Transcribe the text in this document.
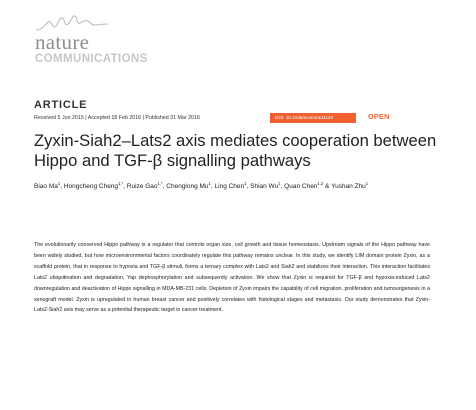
nature
COMMUNICATIONS
ARTICLE
Received 5 Jun 2015 | Accepted 18 Feb 2016 | Published 31 Mar 2016	DOI: 10.1038/ncomms11123	OPEN
Zyxin-Siah2–Lats2 axis mediates cooperation between Hippo and TGF-β signalling pathways
Biao Ma$^1$, Hongcheng Cheng$^{1,*}$, Ruize Gao$^{1,*}$, Chenglong Mu$^1$, Ling Chen$^1$, Shian Wu$^1$, Quan Chen$^{1,2}$ & Yushan Zhu$^1$

The evolutionarily conserved Hippo pathway is a regulator that controls organ size, cell growth and tissue homeostasis. Upstream signals of the Hippo pathway have been widely studied, but how microenvironmental factors coordinately regulate this pathway remains unclear. In this study, we identify LIM domain protein Zyxin, as a scaffold protein, that in response to hypoxia and TGF-β stimuli, forms a ternary complex with Lats2 and Siah2 and stabilizes their interaction. This interaction facilitates Lats2 ubiquitination and degradation, Yap dephosphorylation and subsequently activation. We show that Zyxin is required for TGF-β and hypoxia-induced Lats2 downregulation and deactivation of Hippo signalling in MDA-MB-231 cells. Depletion of Zyxin impairs the capability of cell migration, proliferation and tumourigenesis in a xenograft model. Zyxin is upregulated in human breast cancer and positively correlates with histological stages and metastasis. Our study demonstrates that Zyxin-Lats2-Siah2 axis may serve as a potential therapeutic target in cancer treatment.
